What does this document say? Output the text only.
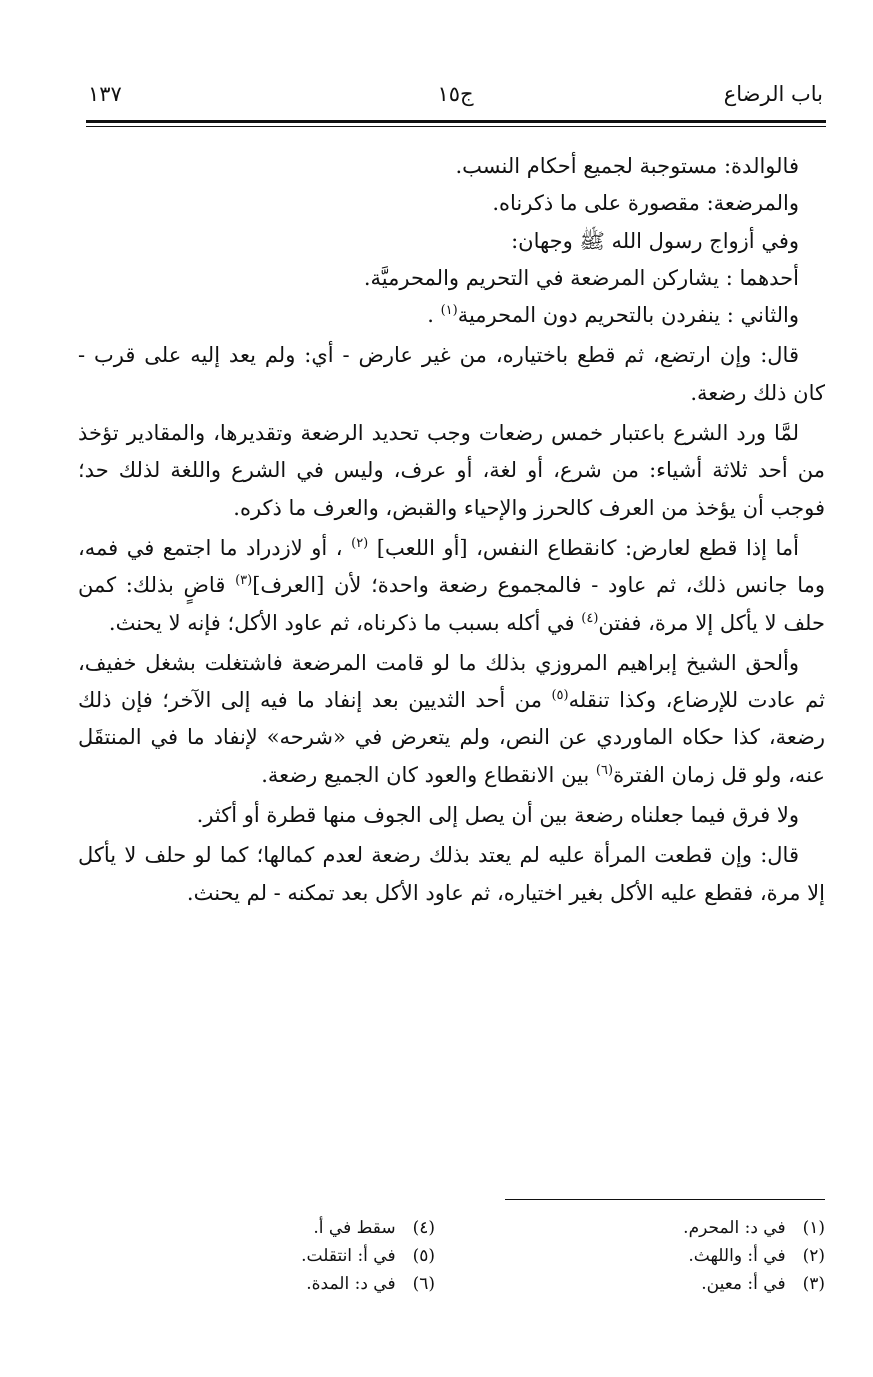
باب الرضاع
ج١٥
١٣٧

فالوالدة: مستوجبة لجميع أحكام النسب.

والمرضعة: مقصورة على ما ذكرناه.

وفي أزواج رسول الله ﷺ وجهان:

أحدهما : يشاركن المرضعة في التحريم والمحرميَّة.

والثاني : ينفردن بالتحريم دون المحرمية$^{(١)}$ .

قال: وإن ارتضع، ثم قطع باختياره، من غير عارض - أي: ولم يعد إليه على قرب - كان ذلك رضعة.

لمَّا ورد الشرع باعتبار خمس رضعات وجب تحديد الرضعة وتقديرها، والمقادير تؤخذ من أحد ثلاثة أشياء: من شرع، أو لغة، أو عرف، وليس في الشرع واللغة لذلك حد؛ فوجب أن يؤخذ من العرف كالحرز والإحياء والقبض، والعرف ما ذكره.

أما إذا قطع لعارض: كانقطاع النفس، [أو اللعب] $^{(٢)}$ ، أو لازدراد ما اجتمع في فمه، وما جانس ذلك، ثم عاود - فالمجموع رضعة واحدة؛ لأن [العرف]$^{(٣)}$ قاضٍ بذلك: كمن حلف لا يأكل إلا مرة، ففتن$^{(٤)}$ في أكله بسبب ما ذكرناه، ثم عاود الأكل؛ فإنه لا يحنث.

وألحق الشيخ إبراهيم المروزي بذلك ما لو قامت المرضعة فاشتغلت بشغل خفيف، ثم عادت للإرضاع، وكذا تنقله$^{(٥)}$ من أحد الثديين بعد إنفاد ما فيه إلى الآخر؛ فإن ذلك رضعة، كذا حكاه الماوردي عن النص، ولم يتعرض في «شرحه» لإنفاد ما في المنتقَل عنه، ولو قل زمان الفترة$^{(٦)}$ بين الانقطاع والعود كان الجميع رضعة.

ولا فرق فيما جعلناه رضعة بين أن يصل إلى الجوف منها قطرة أو أكثر.

قال: وإن قطعت المرأة عليه لم يعتد بذلك رضعة لعدم كمالها؛ كما لو حلف لا يأكل إلا مرة، فقطع عليه الأكل بغير اختياره، ثم عاود الأكل بعد تمكنه - لم يحنث.

(١) في د: المحرم.
(٢) في أ: واللهث.
(٣) في أ: معين.
(٤) سقط في أ.
(٥) في أ: انتقلت.
(٦) في د: المدة.
